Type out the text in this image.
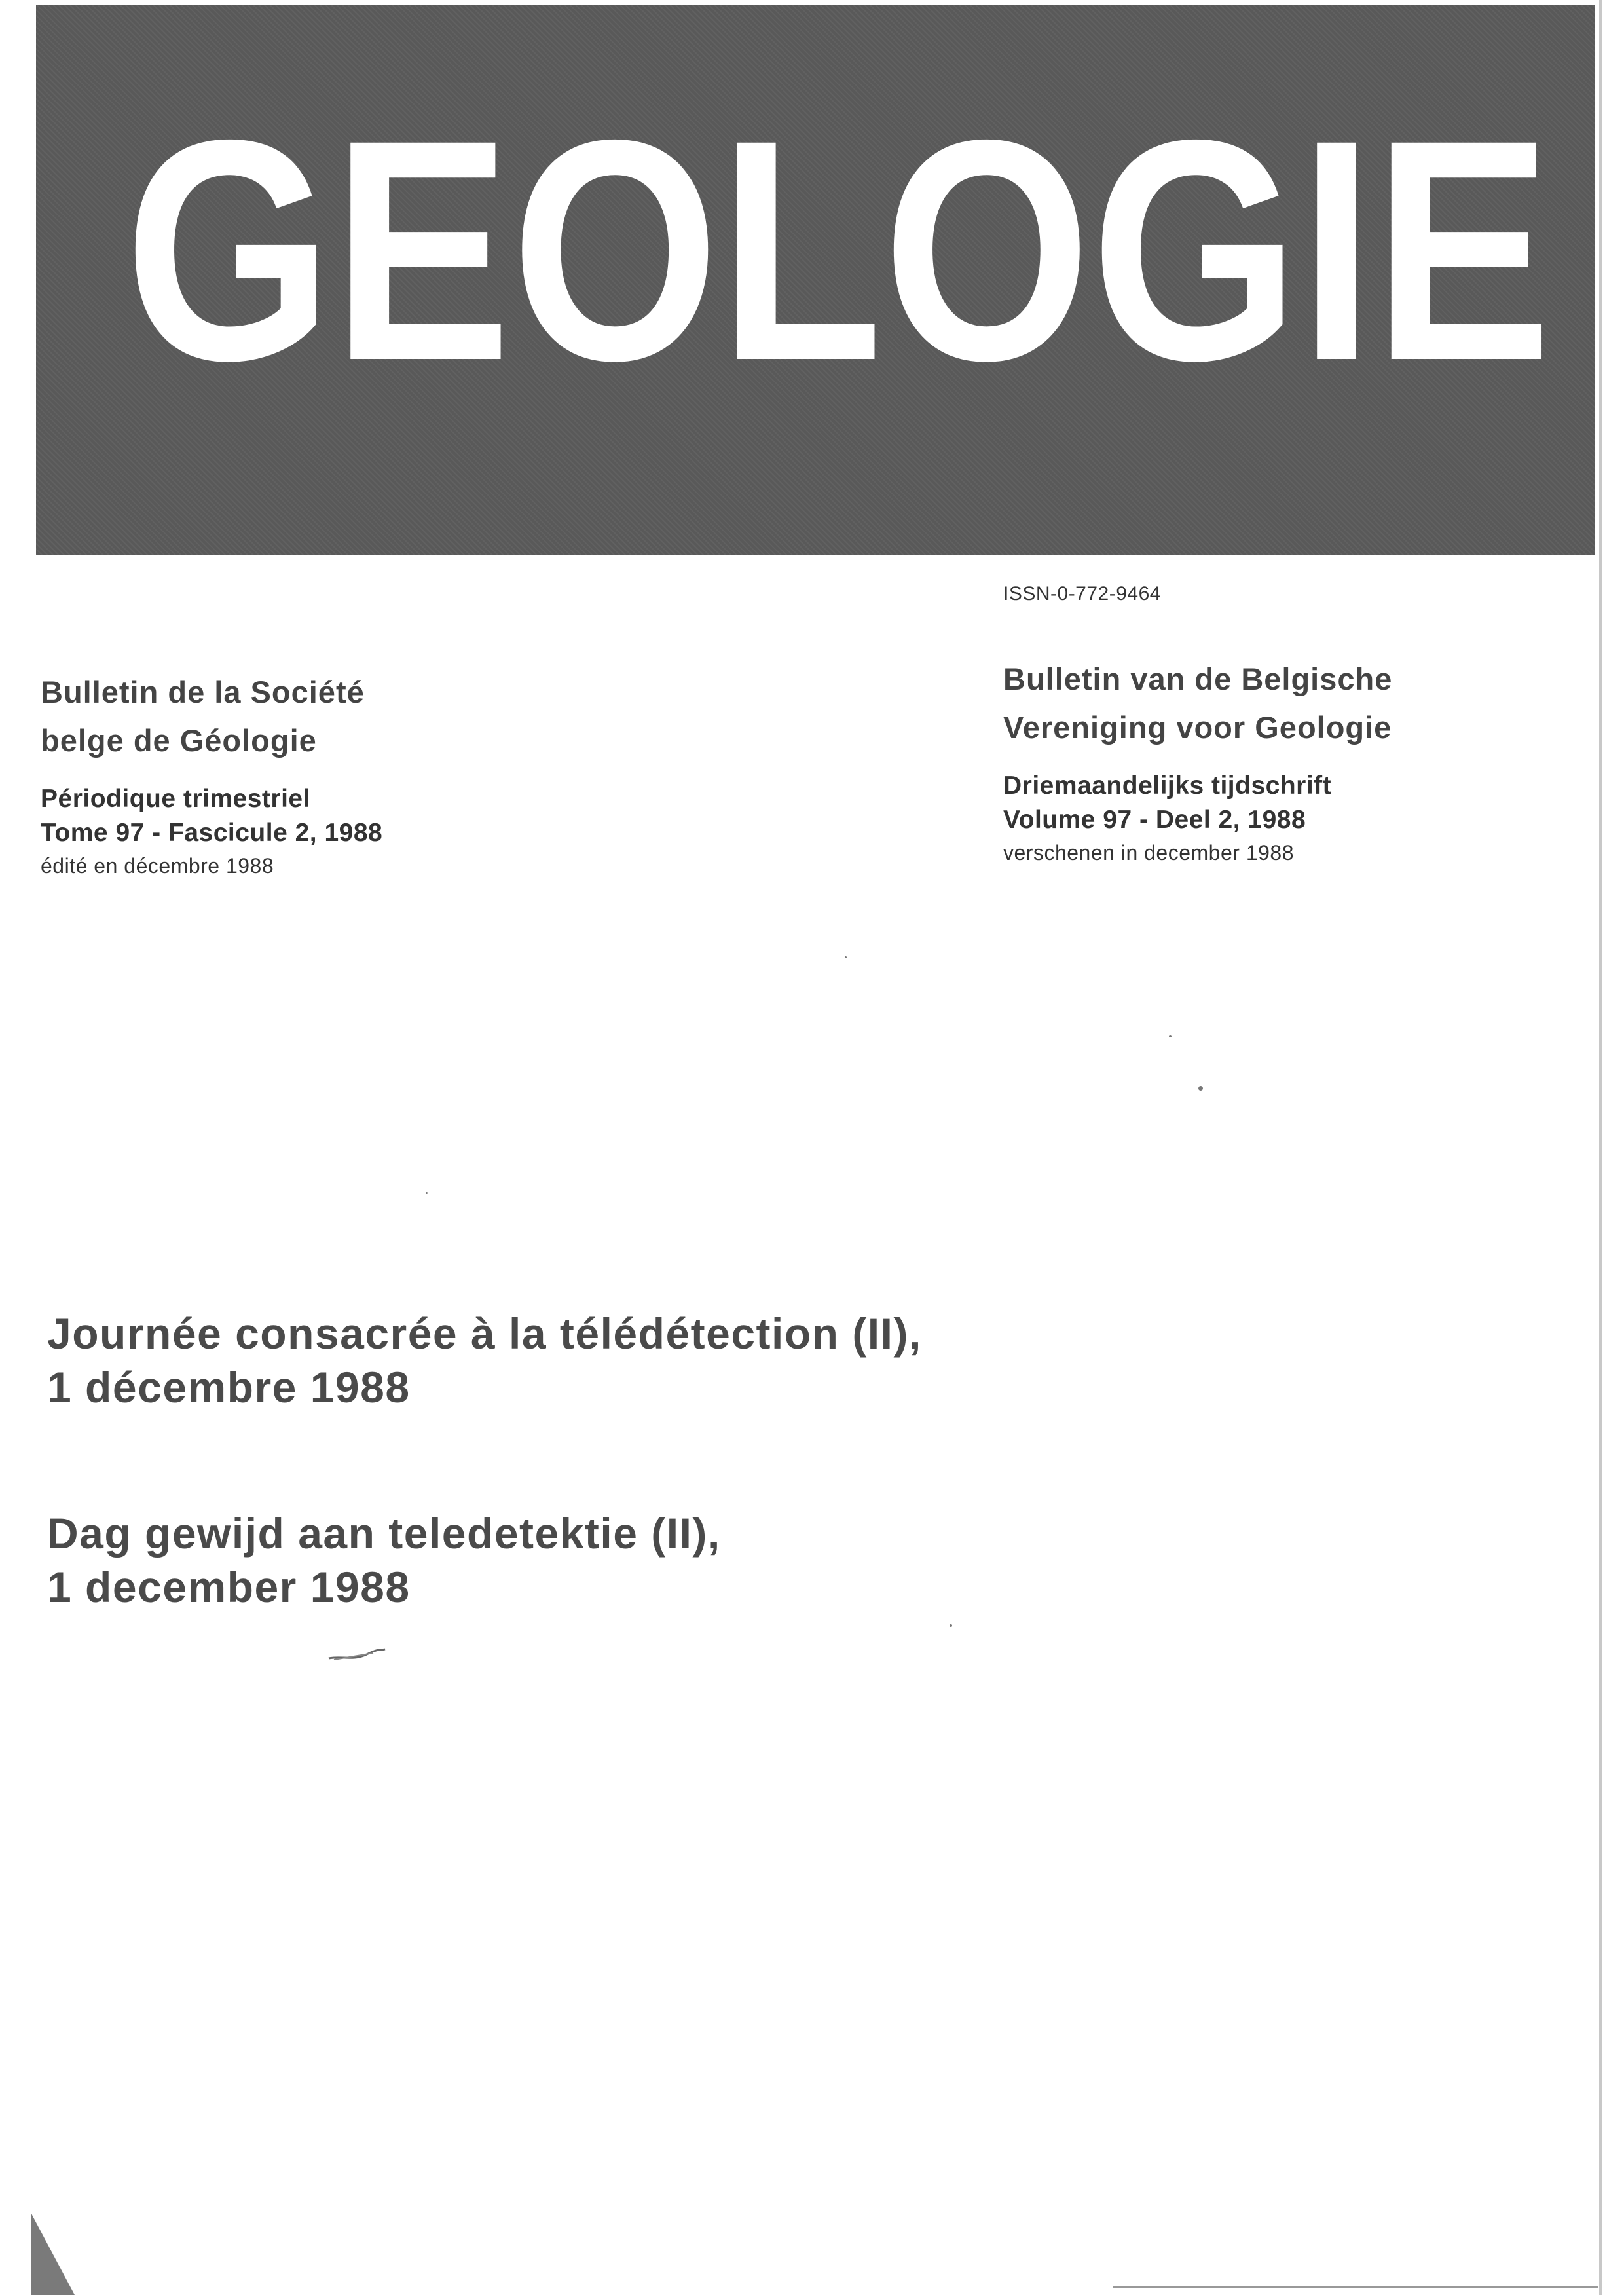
GEOLOGIE
ISSN-0-772-9464
Bulletin de la Société
belge de Géologie
Périodique trimestriel
Tome 97 - Fascicule 2, 1988
édité en décembre 1988
Bulletin van de Belgische
Vereniging voor Geologie
Driemaandelijks tijdschrift
Volume 97 - Deel 2, 1988
verschenen in december 1988
Journée consacrée à la télédétection (II),
1 décembre 1988
Dag gewijd aan teledetektie (II),
1 december 1988
